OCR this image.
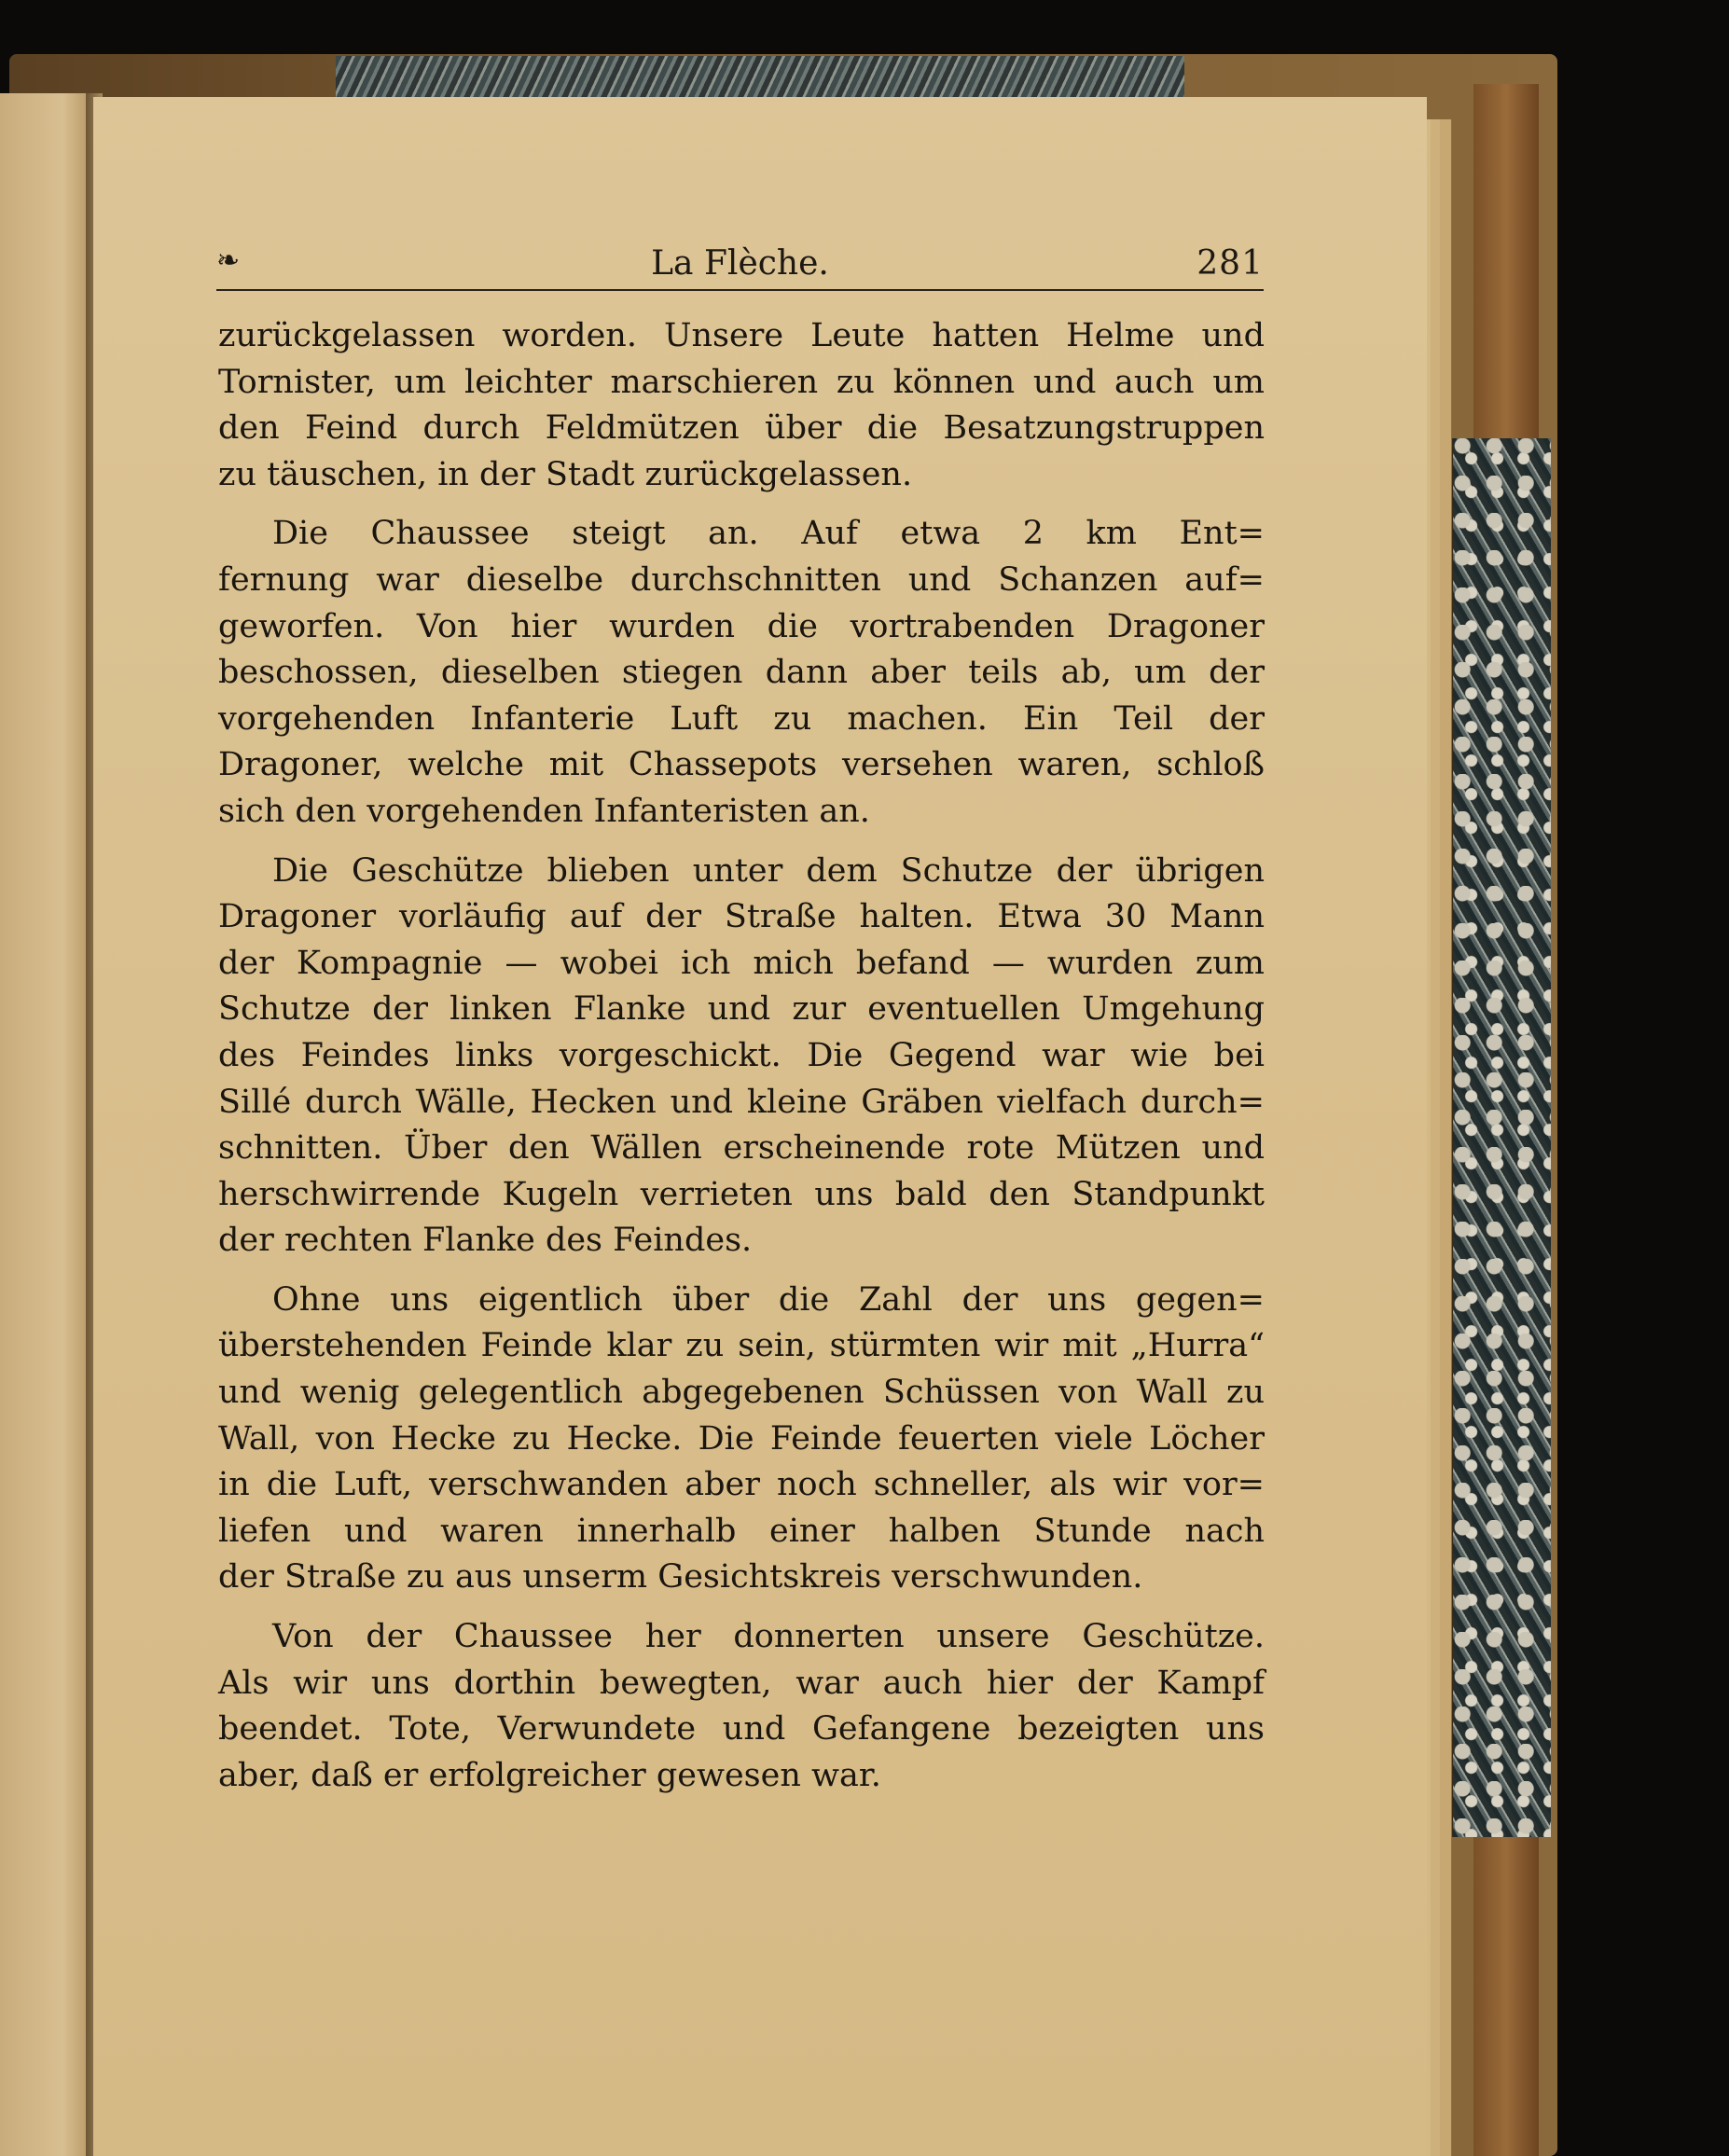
❧	La Flèche.	281
zurückgelassen worden. Unsere Leute hatten Helme und
Tornister, um leichter marschieren zu können und auch um
den Feind durch Feldmützen über die Besatzungstruppen
zu täuschen, in der Stadt zurückgelassen.
Die Chaussee steigt an. Auf etwa 2 km Ent=
fernung war dieselbe durchschnitten und Schanzen auf=
geworfen. Von hier wurden die vortrabenden Dragoner
beschossen, dieselben stiegen dann aber teils ab, um der
vorgehenden Infanterie Luft zu machen. Ein Teil der
Dragoner, welche mit Chassepots versehen waren, schloß
sich den vorgehenden Infanteristen an.
Die Geschütze blieben unter dem Schutze der übrigen
Dragoner vorläufig auf der Straße halten. Etwa 30 Mann
der Kompagnie — wobei ich mich befand — wurden zum
Schutze der linken Flanke und zur eventuellen Umgehung
des Feindes links vorgeschickt. Die Gegend war wie bei
Sillé durch Wälle, Hecken und kleine Gräben vielfach durch=
schnitten. Über den Wällen erscheinende rote Mützen und
herschwirrende Kugeln verrieten uns bald den Standpunkt
der rechten Flanke des Feindes.
Ohne uns eigentlich über die Zahl der uns gegen=
überstehenden Feinde klar zu sein, stürmten wir mit „Hurra“
und wenig gelegentlich abgegebenen Schüssen von Wall zu
Wall, von Hecke zu Hecke. Die Feinde feuerten viele Löcher
in die Luft, verschwanden aber noch schneller, als wir vor=
liefen und waren innerhalb einer halben Stunde nach
der Straße zu aus unserm Gesichtskreis verschwunden.
Von der Chaussee her donnerten unsere Geschütze.
Als wir uns dorthin bewegten, war auch hier der Kampf
beendet. Tote, Verwundete und Gefangene bezeigten uns
aber, daß er erfolgreicher gewesen war.
